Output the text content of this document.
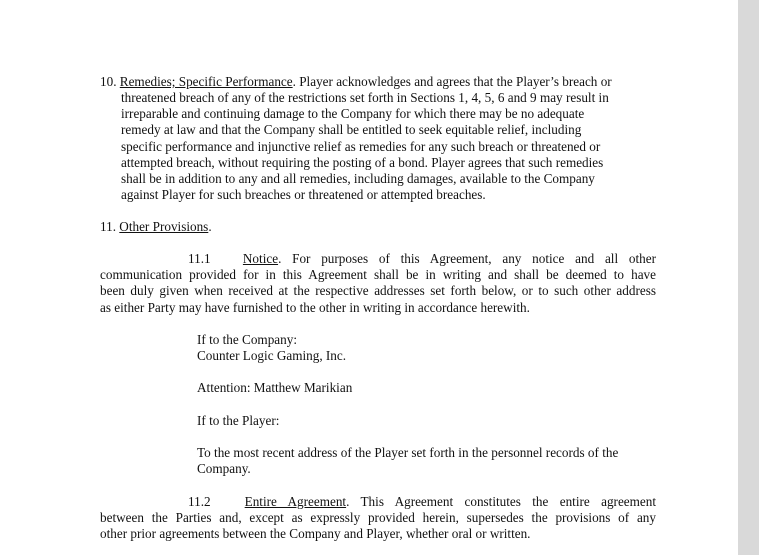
10. Remedies; Specific Performance. Player acknowledges and agrees that the Player’s breach or
threatened breach of any of the restrictions set forth in Sections 1, 4, 5, 6 and 9 may result in
irreparable and continuing damage to the Company for which there may be no adequate
remedy at law and that the Company shall be entitled to seek equitable relief, including
specific performance and injunctive relief as remedies for any such breach or threatened or
attempted breach, without requiring the posting of a bond. Player agrees that such remedies
shall be in addition to any and all remedies, including damages, available to the Company
against Player for such breaches or threatened or attempted breaches.
11. Other Provisions.
11.1 Notice. For purposes of this Agreement, any notice and all other
communication provided for in this Agreement shall be in writing and shall be deemed to have
been duly given when received at the respective addresses set forth below, or to such other address
as either Party may have furnished to the other in writing in accordance herewith.
If to the Company:
Counter Logic Gaming, Inc.
Attention: Matthew Marikian
If to the Player:
To the most recent address of the Player set forth in the personnel records of the
Company.
11.2	Entire Agreement. This Agreement constitutes the entire agreement
between the Parties and, except as expressly provided herein, supersedes the provisions of any
other prior agreements between the Company and Player, whether oral or written.
